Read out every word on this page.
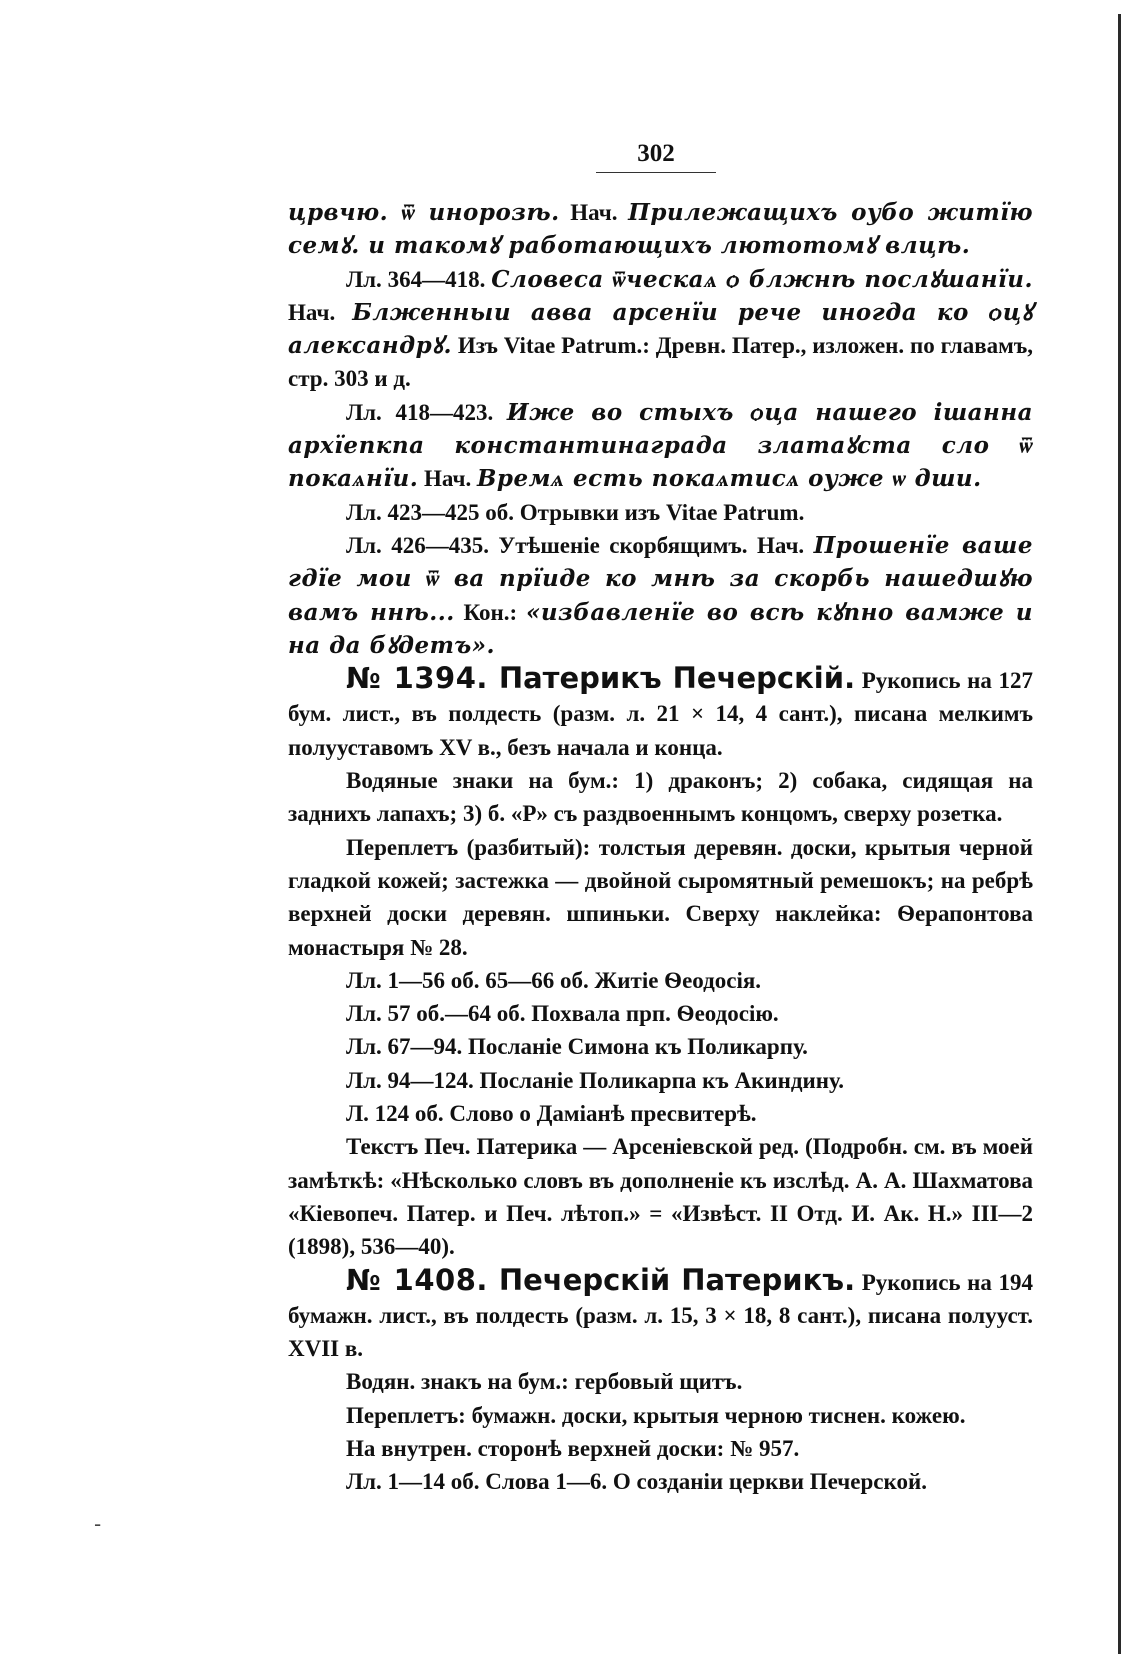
302

црвчю. ѿ инорозѣ. Нач. Прилежащихъ оубо житїю семꙋ. и такомꙋ работающихъ лютотомꙋ влцѣ.

Лл. 364—418. Словеса ѿческаѧ ѻ блжнѣ послꙋшанїи. Нач. Блженныи авва арсенїи рече иногда ко ѻцꙋ александрꙋ. Изъ Vitae Patrum.: Древн. Патер., изложен. по главамъ, стр. 303 и д.

Лл. 418—423. Иже во стыхъ ѻца нашего ішанна архїепкпа константинаграда златаꙋста сло ѿ покаѧнїи. Нач. Времѧ есть покаѧтисѧ оуже ѡ дши.

Лл. 423—425 об. Отрывки изъ Vitae Patrum.

Лл. 426—435. Утѣшеніе скорбящимъ. Нач. Прошенїе ваше гдїе мои ѿ ва прїиде ко мнѣ за скорбь нашедшꙋю вамъ ннѣ... Кон.: «избавленїе во всѣ кꙋпно вамже и на да бꙋдетъ».

№ 1394. Патерикъ Печерскій. Рукопись на 127 бум. лист., въ полдесть (разм. л. 21 × 14, 4 сант.), писана мелкимъ полууставомъ XV в., безъ начала и конца.

Водяные знаки на бум.: 1) драконъ; 2) собака, сидящая на заднихъ лапахъ; 3) б. «P» съ раздвоеннымъ концомъ, сверху розетка.

Переплетъ (разбитый): толстыя деревян. доски, крытыя черной гладкой кожей; застежка — двойной сыромятный ремешокъ; на ребрѣ верхней доски деревян. шпиньки. Сверху наклейка: Ѳерапонтова монастыря № 28.

Лл. 1—56 об. 65—66 об. Житіе Ѳеодосія.

Лл. 57 об.—64 об. Похвала прп. Ѳеодосію.

Лл. 67—94. Посланіе Симона къ Поликарпу.

Лл. 94—124. Посланіе Поликарпа къ Акиндину.

Л. 124 об. Слово о Даміанѣ пресвитерѣ.

Текстъ Печ. Патерика — Арсеніевской ред. (Подробн. см. въ моей замѣткѣ: «Нѣсколько словъ въ дополненіе къ изслѣд. А. А. Шахматова «Кіевопеч. Патер. и Печ. лѣтоп.» = «Извѣст. II Отд. И. Ак. Н.» III—2 (1898), 536—40).

№ 1408. Печерскій Патерикъ. Рукопись на 194 бумажн. лист., въ полдесть (разм. л. 15, 3 × 18, 8 сант.), писана полууст. XVII в.

Водян. знакъ на бум.: гербовый щитъ.

Переплетъ: бумажн. доски, крытыя черною тиснен. кожею.

На внутрен. сторонѣ верхней доски: № 957.

Лл. 1—14 об. Слова 1—6. О созданіи церкви Печерской.

‑
